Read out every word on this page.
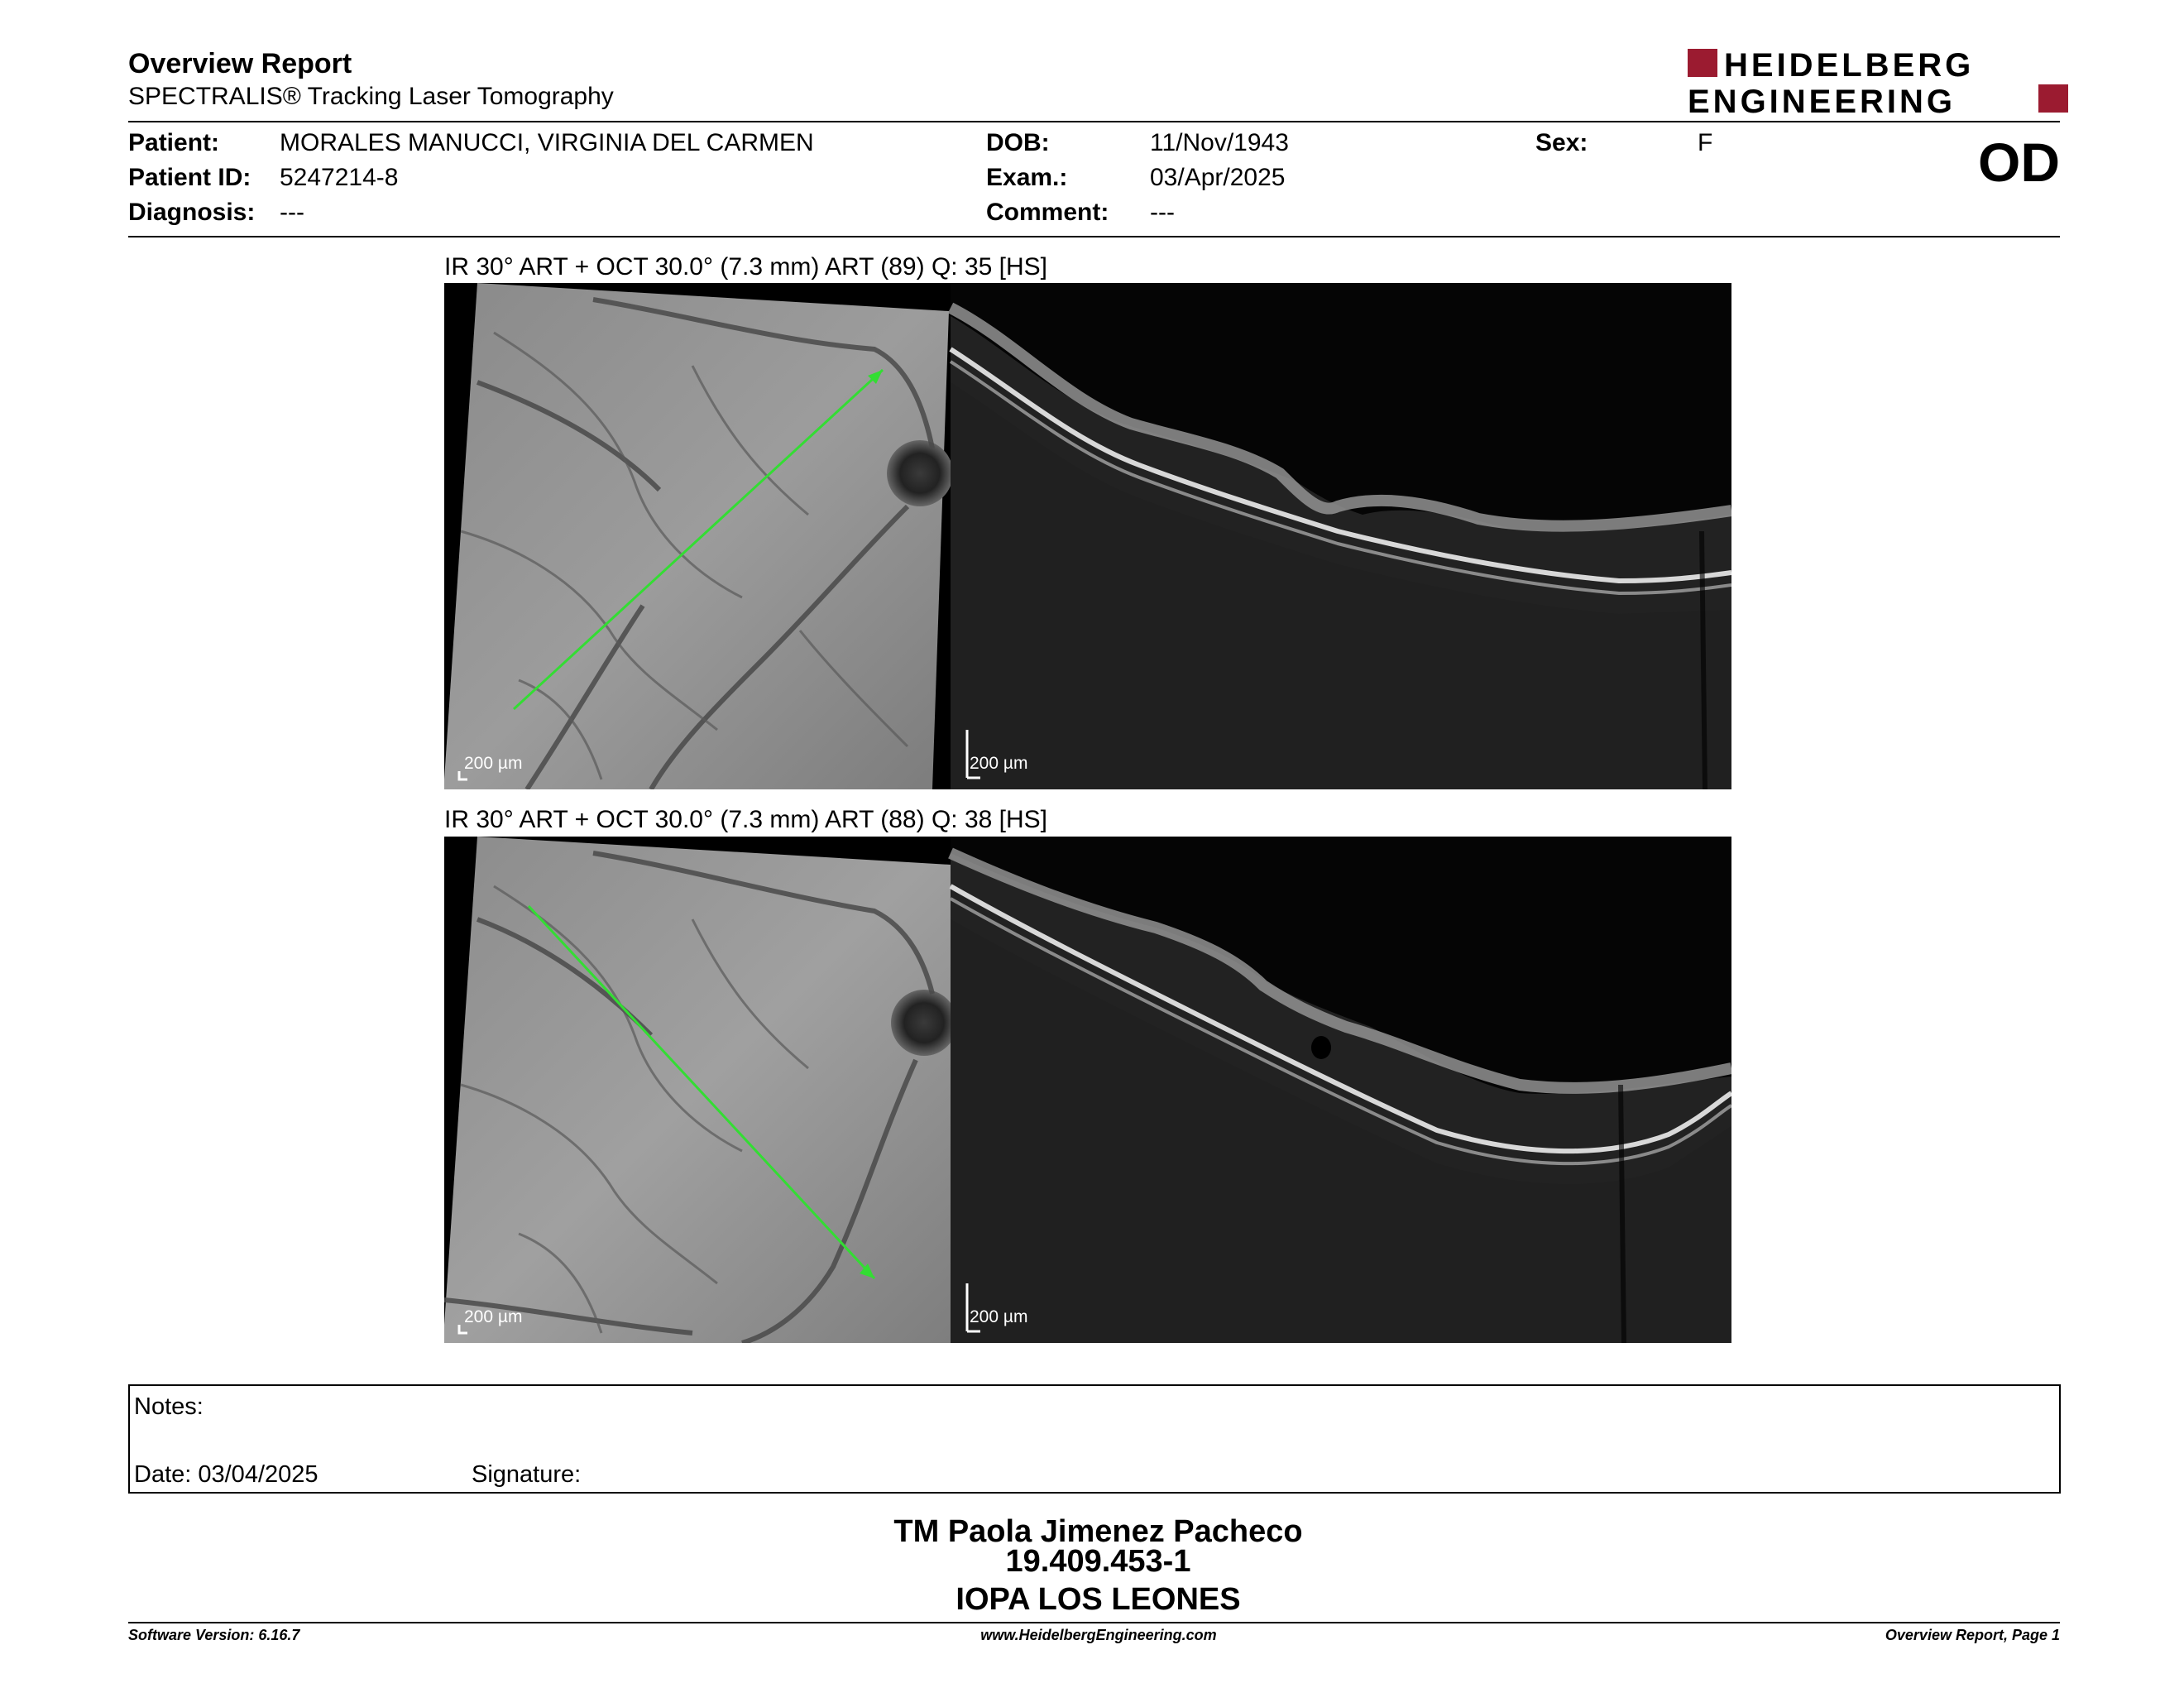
Overview Report
SPECTRALIS® Tracking Laser Tomography
HEIDELBERG
ENGINEERING
Patient: MORALES MANUCCI, VIRGINIA DEL CARMEN
Patient ID: 5247214-8
Diagnosis: ---
DOB:	11/Nov/1943
Exam.:	03/Apr/2025
Comment: ---
Sex:	F	OD
IR 30° ART + OCT 30.0° (7.3 mm) ART (89) Q: 35 [HS]
200 µm	200 µm
IR 30° ART + OCT 30.0° (7.3 mm) ART (88) Q: 38 [HS]
200 µm	200 µm
Notes:
Date: 03/04/2025	Signature:
TM Paola Jimenez Pacheco
19.409.453-1
IOPA LOS LEONES
Software Version: 6.16.7	www.HeidelbergEngineering.com	Overview Report, Page 1
